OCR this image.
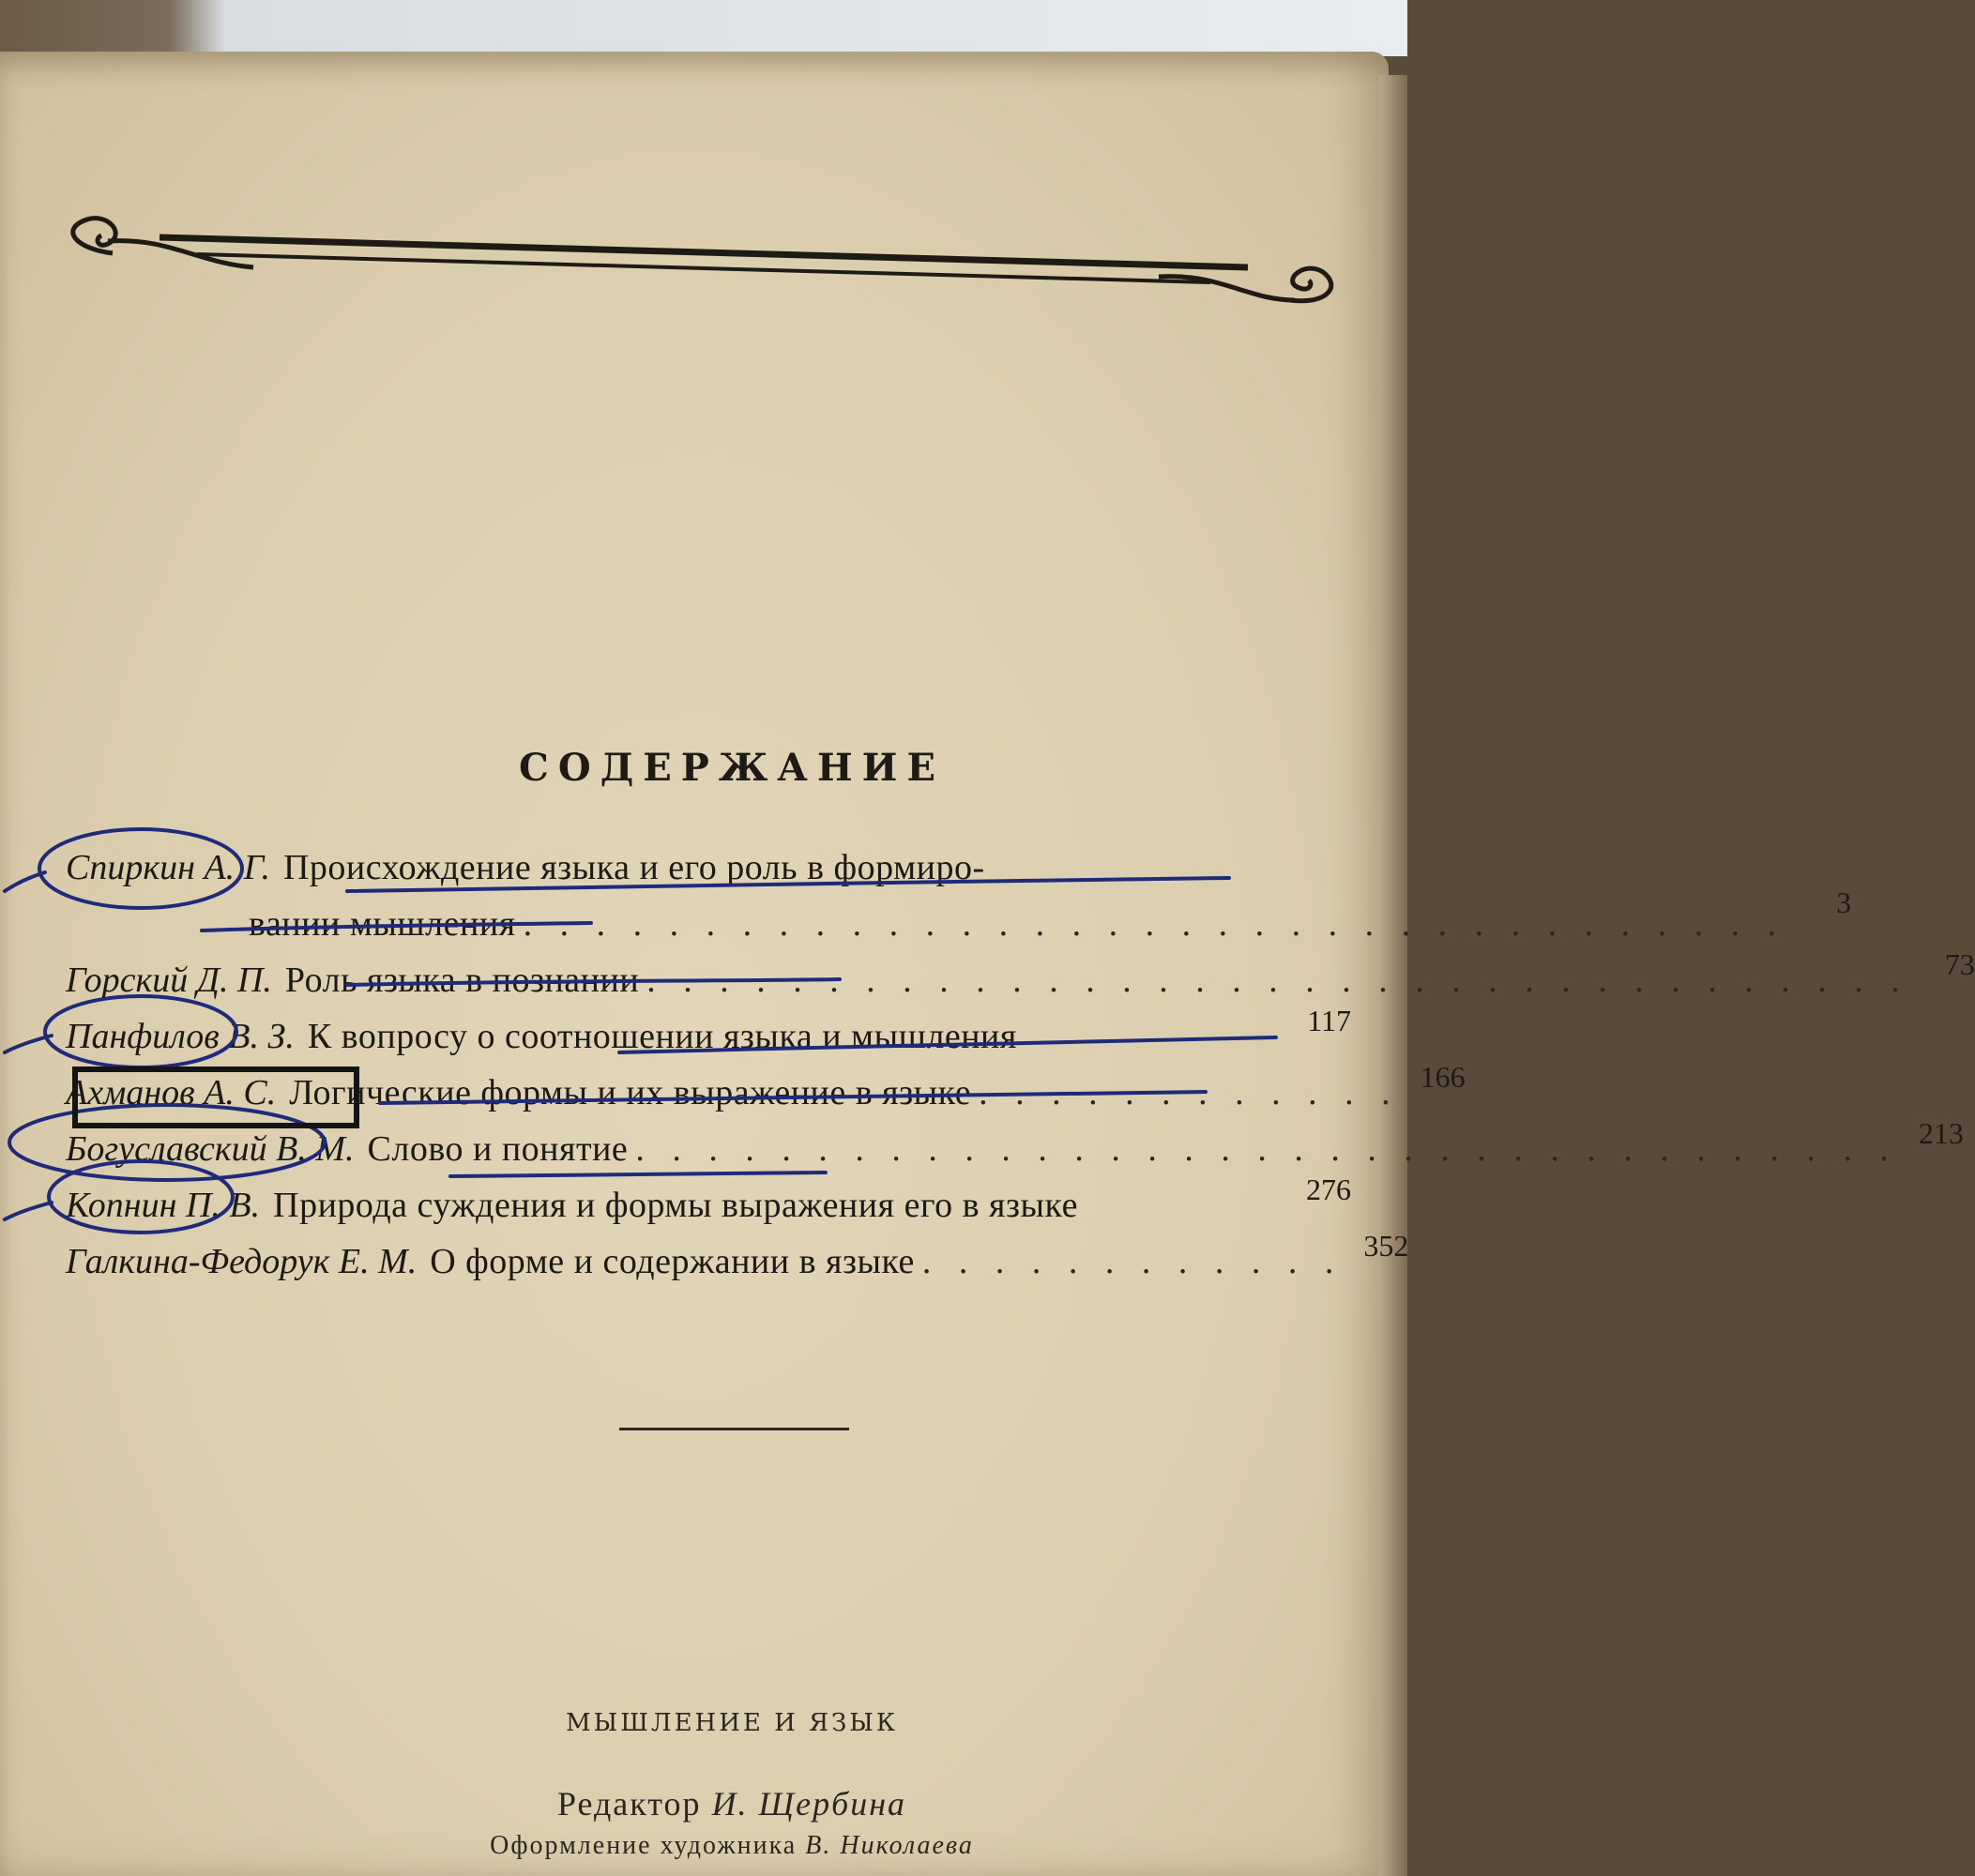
СОДЕРЖАНИЕ
Спиркин А. Г. Происхождение языка и его роль в формиро-
вании мышления . . . . . . . . . . . . . . . . . . . . . . . . . . . . . . . . . . .
3
Горский Д. П. Роль языка в познании . . . . . . . . . . . . . . . . . . . . . . . . . . . . . . . . . . .	73
Панфилов В. З. К вопросу о соотношении языка и мышления	117
Ахманов А. С. Логические формы и их выражение в языке . . . . . . . . . . . . 166
Богуславский В. М. Слово и понятие . . . . . . . . . . . . . . . . . . . . . . . . . . . . . . . . . . . 213
Копнин П. В. Природа суждения и формы выражения его в языке	276
Галкина-Федорук Е. М. О форме и содержании в языке . . . . . . . . . . . . 352
МЫШЛЕНИЕ И ЯЗЫК
Редактор И. Щербина
Оформление художника В. Николаева
